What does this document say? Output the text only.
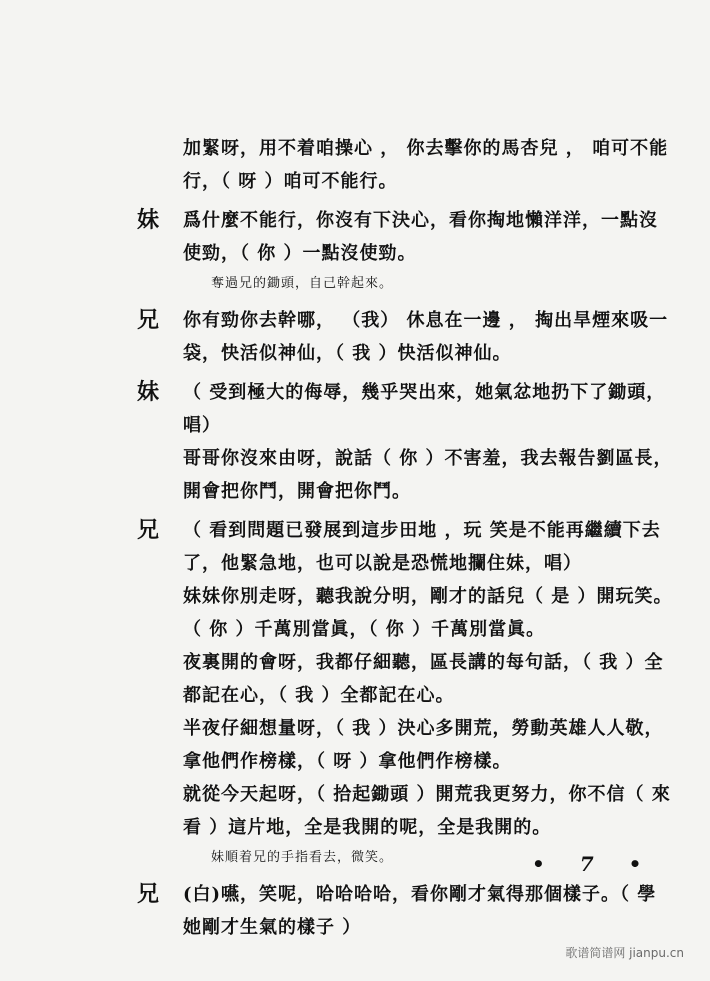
加緊呀，用不着咱操心 ， 你去擊你的馬杏兒 ， 咱可不能
行，（ 呀 ）咱可不能行。
妹	爲什麼不能行，你沒有下決心，看你掏地懶洋洋，一點沒
使勁，（ 你 ）一點沒使勁。
奪過兄的鋤頭，自己幹起來。
兄	你有勁你去幹哪， （我） 休息在一邊 ， 掏出旱煙來吸一
袋，快活似神仙，（ 我 ）快活似神仙。
妹	（ 受到極大的侮辱，幾乎哭出來，她氣忿地扔下了鋤頭，
唱）
哥哥你沒來由呀，說話（ 你 ）不害羞，我去報告劉區長，
開會把你鬥，開會把你鬥。
兄	（ 看到問題已發展到這步田地 ，玩 笑是不能再繼續下去
了，他緊急地，也可以說是恐慌地攔住妹，唱）
妹妹你別走呀，聽我說分明，剛才的話兒（ 是 ）開玩笑。
（ 你 ）千萬別當眞，（ 你 ）千萬別當眞。
夜裏開的會呀，我都仔細聽，區長講的每句話，（ 我 ）全
都記在心，（ 我 ）全都記在心。
半夜仔細想量呀，（ 我 ）決心多開荒，勞動英雄人人敬，
拿他們作榜樣，（ 呀 ）拿他們作榜樣。
就從今天起呀，（ 拾起鋤頭 ）開荒我更努力，你不信（ 來
看 ）這片地，全是我開的呢，全是我開的。
妹順着兄的手指看去，微笑。
兄	(白)嚥，笑呢，哈哈哈哈，看你剛才氣得那個樣子。（ 學
她剛才生氣的樣子 ）
• 7 •
歌谱简谱网 jianpu.cn
